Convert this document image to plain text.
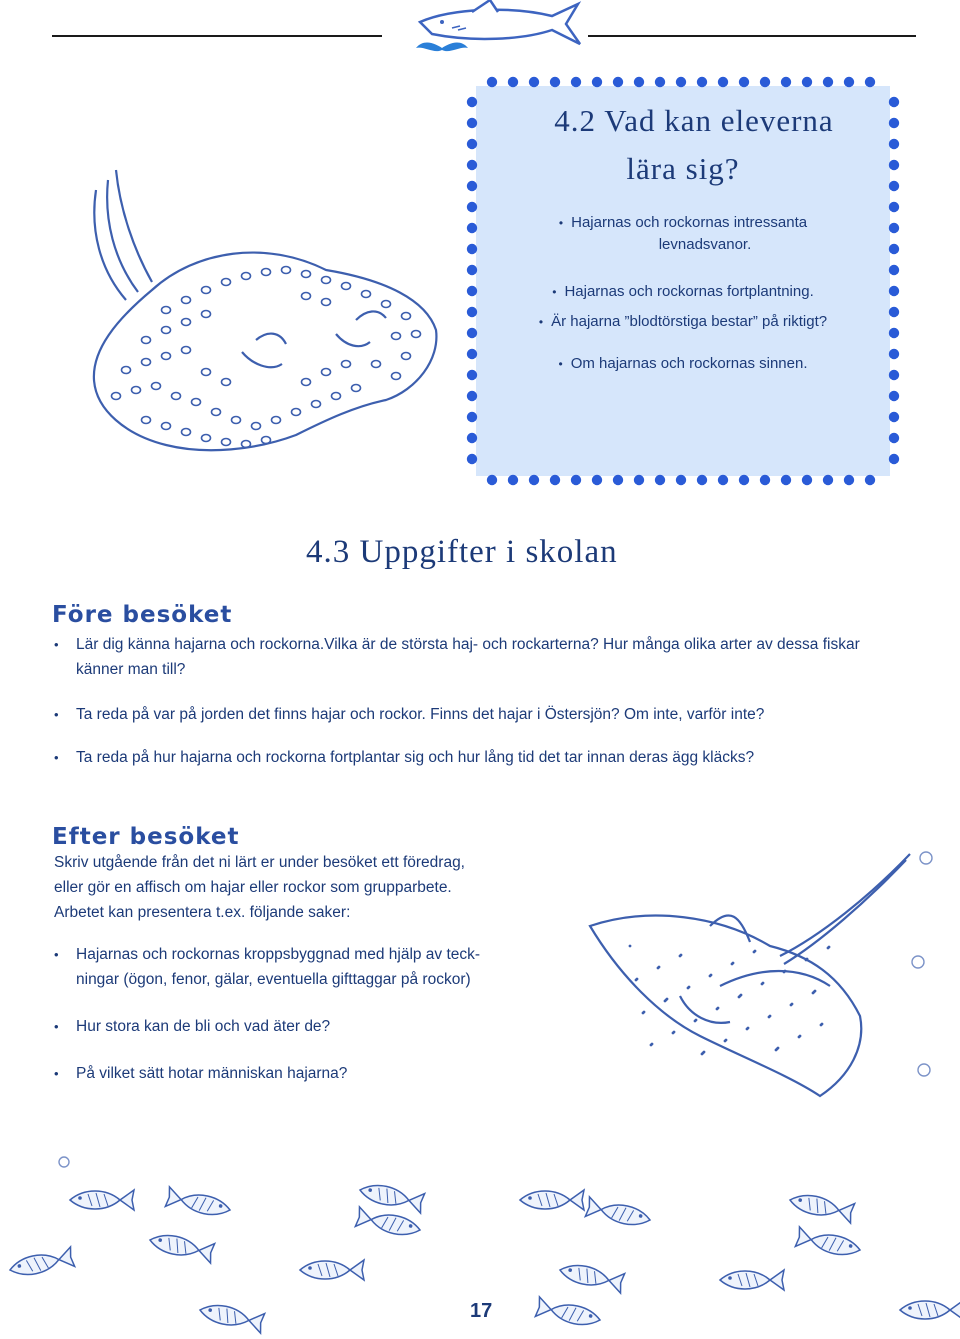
4.2 Vad kan eleverna
lära sig?
• Hajarnas och rockornas intressanta
levnadsvanor.
• Hajarnas och rockornas fortplantning.
• Är hajarna ”blodtörstiga bestar” på riktigt?
• Om hajarnas och rockornas sinnen.
4.3 Uppgifter i skolan
Före besöket
• Lär dig känna hajarna och rockorna.Vilka är de största haj- och rockarterna? Hur många olika arter av dessa fiskar känner man till?
• Ta reda på var på jorden det finns hajar och rockor. Finns det hajar i Östersjön? Om inte, varför inte?
• Ta reda på hur hajarna och rockorna fortplantar sig och hur lång tid det tar innan deras ägg kläcks?
Efter besöket
Skriv utgående från det ni lärt er under besöket ett föredrag,
eller gör en affisch om hajar eller rockor som grupparbete.
Arbetet kan presentera t.ex. följande saker:
• Hajarnas och rockornas kroppsbyggnad med hjälp av teck-
ningar (ögon, fenor, gälar, eventuella gifttaggar på rockor)
• Hur stora kan de bli och vad äter de?
• På vilket sätt hotar människan hajarna?
17
